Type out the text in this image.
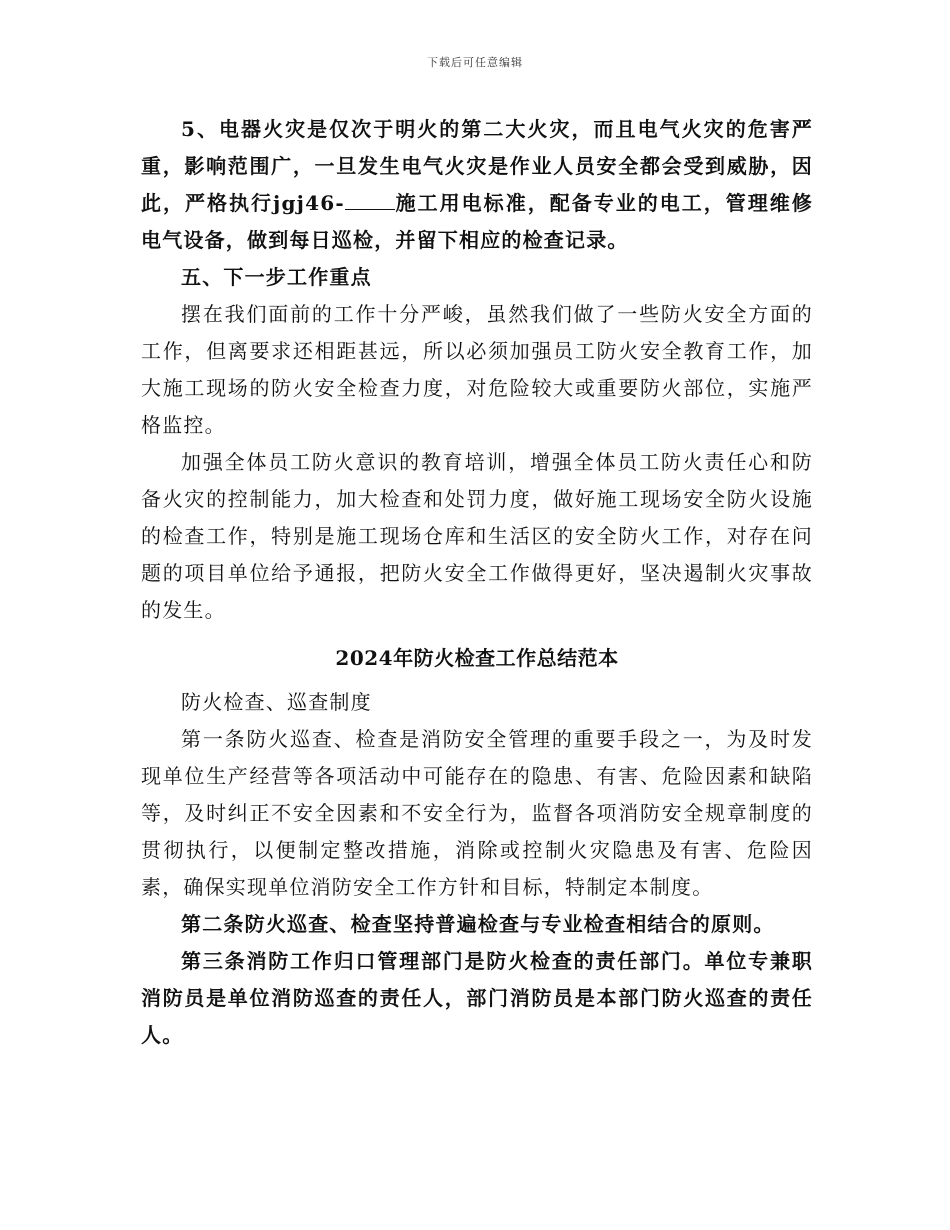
下载后可任意编辑

5、电器火灾是仅次于明火的第二大火灾，而且电气火灾的危害严重，影响范围广，一旦发生电气火灾是作业人员安全都会受到威胁，因此，严格执行jgj46-	施工用电标准，配备专业的电工，管理维修电气设备，做到每日巡检，并留下相应的检查记录。

五、下一步工作重点

摆在我们面前的工作十分严峻，虽然我们做了一些防火安全方面的工作，但离要求还相距甚远，所以必须加强员工防火安全教育工作，加大施工现场的防火安全检查力度，对危险较大或重要防火部位，实施严格监控。

加强全体员工防火意识的教育培训，增强全体员工防火责任心和防备火灾的控制能力，加大检查和处罚力度，做好施工现场安全防火设施的检查工作，特别是施工现场仓库和生活区的安全防火工作，对存在问题的项目单位给予通报，把防火安全工作做得更好，坚决遏制火灾事故的发生。

2024年防火检查工作总结范本

防火检查、巡查制度

第一条防火巡查、检查是消防安全管理的重要手段之一，为及时发现单位生产经营等各项活动中可能存在的隐患、有害、危险因素和缺陷等，及时纠正不安全因素和不安全行为，监督各项消防安全规章制度的贯彻执行，以便制定整改措施，消除或控制火灾隐患及有害、危险因素，确保实现单位消防安全工作方针和目标，特制定本制度。

第二条防火巡查、检查坚持普遍检查与专业检查相结合的原则。

第三条消防工作归口管理部门是防火检查的责任部门。单位专兼职消防员是单位消防巡查的责任人，部门消防员是本部门防火巡查的责任人。
